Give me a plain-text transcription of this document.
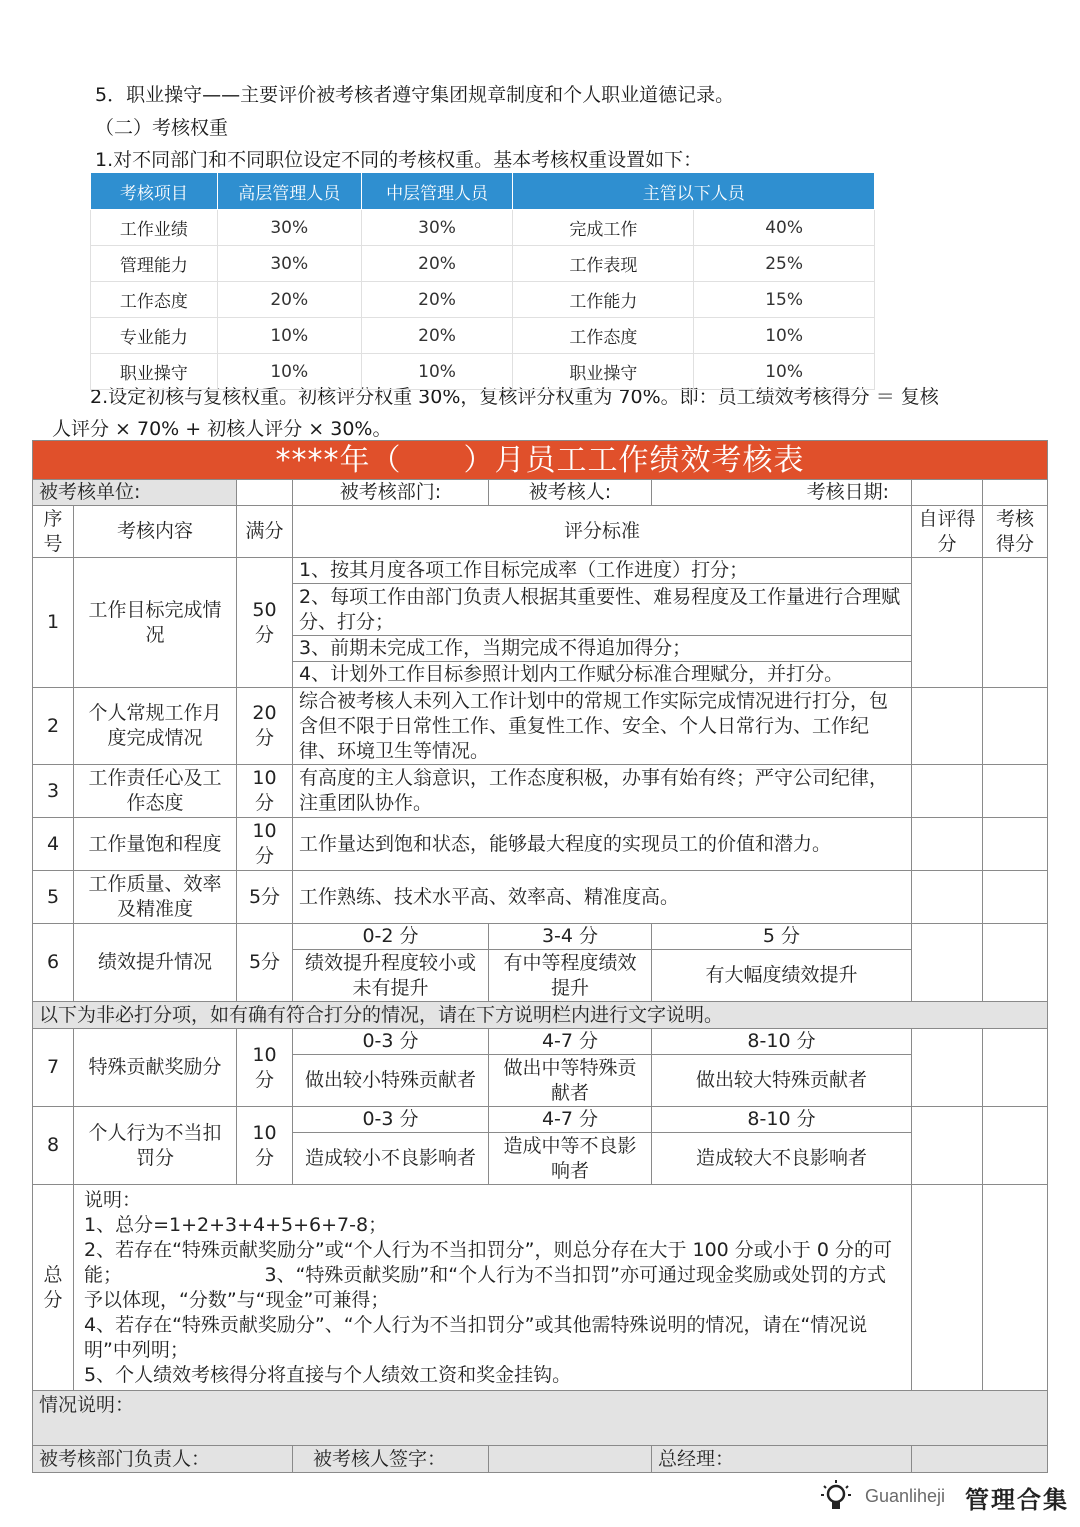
5．职业操守——主要评价被考核者遵守集团规章制度和个人职业道德记录。
（二）考核权重
1.对不同部门和不同职位设定不同的考核权重。基本考核权重设置如下：
2.设定初核与复核权重。初核评分权重 30%，复核评分权重为 70%。即：员工绩效考核得分 ＝ 复核
人评分 × 70% + 初核人评分 × 30%。
考核项目	高层管理人员	中层管理人员	主管以下人员	
工作业绩	30%	30%	完成工作	40%
管理能力	30%	20%	工作表现	25%
工作态度	20%	20%	工作能力	15%
专业能力	10%	20%	工作态度	10%
职业操守	10%	10%	职业操守	10%
****年（　　）月员工工作绩效考核表							
被考核单位:			被考核部门:	被考核人:	考核日期:		
序号	考核内容	满分	评分标准			自评得分	考核得分
1	工作目标完成情况	50分	1、按其月度各项工作目标完成率（工作进度）打分；				
			2、每项工作由部门负责人根据其重要性、难易程度及工作量进行合理赋分、打分；				
			3、前期未完成工作，当期完成不得追加得分；				
			4、计划外工作目标参照计划内工作赋分标准合理赋分，并打分。				
2	个人常规工作月度完成情况	20分	综合被考核人未列入工作计划中的常规工作实际完成情况进行打分，包含但不限于日常性工作、重复性工作、安全、个人日常行为、工作纪律、环境卫生等情况。				
3	工作责任心及工作态度	10分	有高度的主人翁意识，工作态度积极，办事有始有终；严守公司纪律，注重团队协作。				
4	工作量饱和程度	10分	工作量达到饱和状态，能够最大程度的实现员工的价值和潜力。				
5	工作质量、效率及精准度	5分	工作熟练、技术水平高、效率高、精准度高。				
6	绩效提升情况	5分	0-2 分	3-4 分	5 分		
			绩效提升程度较小或未有提升	有中等程度绩效提升	有大幅度绩效提升		
以下为非必打分项，如有确有符合打分的情况，请在下方说明栏内进行文字说明。							
7	特殊贡献奖励分	10分	0-3 分	4-7 分	8-10 分		
			做出较小特殊贡献者	做出中等特殊贡献者	做出较大特殊贡献者		
8	个人行为不当扣罚分	10分	0-3 分	4-7 分	8-10 分		
			造成较小不良影响者	造成中等不良影响者	造成较大不良影响者		
总分	说明：
1、总分=1+2+3+4+5+6+7-8；
2、若存在“特殊贡献奖励分”或“个人行为不当扣罚分”，则总分存在大于 100 分或小于 0 分的可能；　　　　　　　　3、“特殊贡献奖励”和“个人行为不当扣罚”亦可通过现金奖励或处罚的方式予以体现，“分数”与“现金”可兼得；
4、若存在“特殊贡献奖励分”、“个人行为不当扣罚分”或其他需特殊说明的情况，请在“情况说明”中列明；
5、个人绩效考核得分将直接与个人绩效工资和奖金挂钩。						

情况说明：							
被考核部门负责人：			被考核人签字：		总经理：		
Guanliheji 管理合集
